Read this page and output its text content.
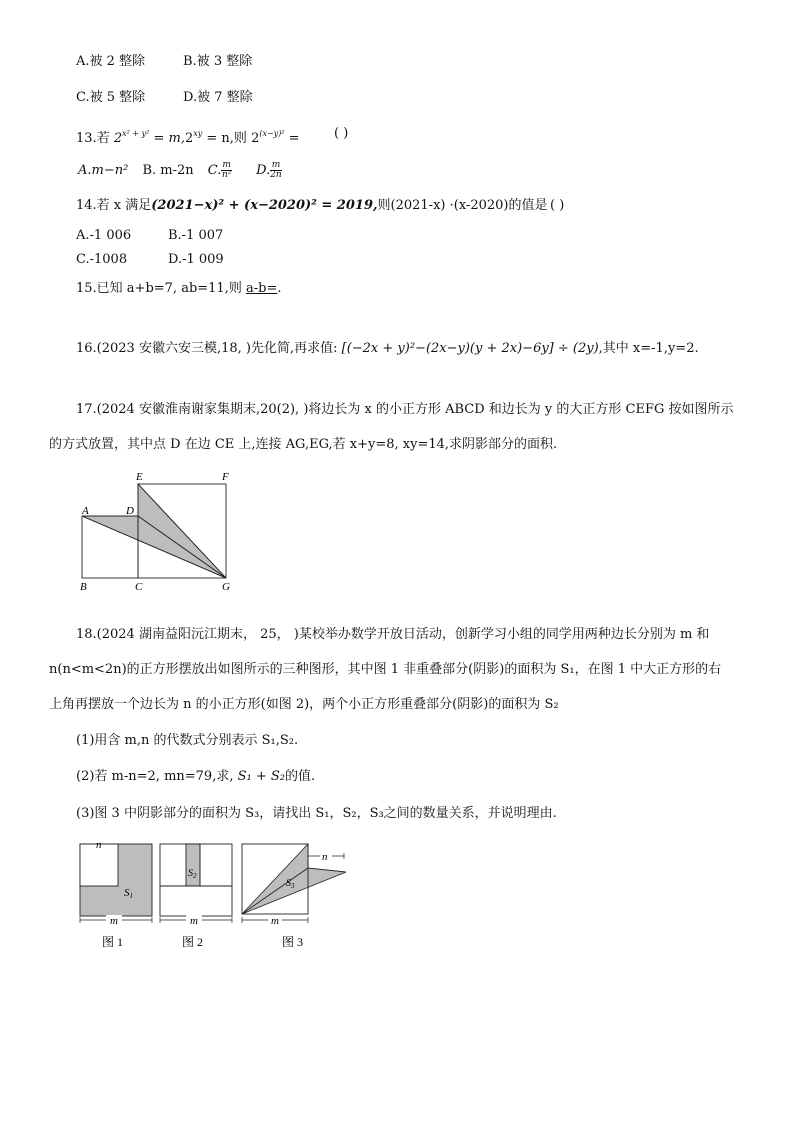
A.被 2 整除	B.被 3 整除
C.被 5 整除	D.被 7 整除
13.若 $2^{x^2 + y^2} = m,2^{xy} = n$,则 $2^{(x-y)^2}$ =	( )
A.m−n² B. m-2n C. $\frac{m}{\text{n²}} D$. $\frac{m}{2n}$
14.若 x 满足(2021−x)² + (x−2020)² = 2019,则(2021-x) ·(x-2020)的值是 ( )
A.-1 006	B.-1 007
C.-1008	D.-1 009
15.已知 a+b=7, ab=11,则 a-b=.
16.(2023 安徽六安三模,18, )先化简,再求值: [(−2x + y)²−(2x−y)(y + 2x)−6y] ÷ (2y),其中 x=-1,y=2.
17.(2024 安徽淮南谢家集期末,20(2), )将边长为 x 的小正方形 ABCD 和边长为 y 的大正方形 CEFG 按如图所示
的方式放置，其中点 D 在边 CE 上,连接 AG,EG,若 x+y=8, xy=14,求阴影部分的面积.
A	D
E	F
B	C	G
18.(2024 湖南益阳沅江期末， 25， )某校举办数学开放日活动，创新学习小组的同学用两种边长分别为 m 和
n(n<m<2n)的正方形摆放出如图所示的三种图形，其中图 1 非重叠部分(阴影)的面积为 S₁，在图 1 中大正方形的右
上角再摆放一个边长为 n 的小正方形(如图 2)，两个小正方形重叠部分(阴影)的面积为 S₂
(1)用含 m,n 的代数式分别表示 S₁,S₂.
(2)若 m-n=2, mn=79,求, S₁ + S₂的值.
(3)图 3 中阴影部分的面积为 S₃，请找出 S₁，S₂，S₃之间的数量关系，并说明理由.
n
S1
m
图 1
$S_2$
m
图 2
n
$S_3$
m
图 3
